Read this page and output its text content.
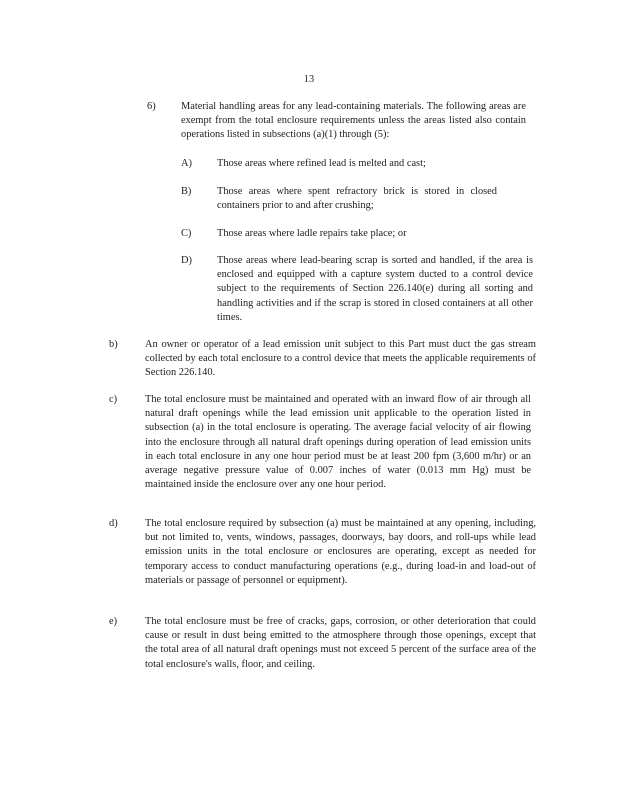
13
6) Material handling areas for any lead-containing materials. The following areas are exempt from the total enclosure requirements unless the areas listed also contain operations listed in subsections (a)(1) through (5):
A) Those areas where refined lead is melted and cast;
B) Those areas where spent refractory brick is stored in closed containers prior to and after crushing;
C) Those areas where ladle repairs take place; or
D) Those areas where lead-bearing scrap is sorted and handled, if the area is enclosed and equipped with a capture system ducted to a control device subject to the requirements of Section 226.140(e) during all sorting and handling activities and if the scrap is stored in closed containers at all other times.
b)	An owner or operator of a lead emission unit subject to this Part must duct the gas stream collected by each total enclosure to a control device that meets the applicable requirements of Section 226.140.
c)	The total enclosure must be maintained and operated with an inward flow of air through all natural draft openings while the lead emission unit applicable to the operation listed in subsection (a) in the total enclosure is operating. The average facial velocity of air flowing into the enclosure through all natural draft openings during operation of lead emission units in each total enclosure in any one hour period must be at least 200 fpm (3,600 m/hr) or an average negative pressure value of 0.007 inches of water (0.013 mm Hg) must be maintained inside the enclosure over any one hour period.
d)	The total enclosure required by subsection (a) must be maintained at any opening, including, but not limited to, vents, windows, passages, doorways, bay doors, and roll-ups while lead emission units in the total enclosure or enclosures are operating, except as needed for temporary access to conduct manufacturing operations (e.g., during load-in and load-out of materials or passage of personnel or equipment).
e)	The total enclosure must be free of cracks, gaps, corrosion, or other deterioration that could cause or result in dust being emitted to the atmosphere through those openings, except that the total area of all natural draft openings must not exceed 5 percent of the surface area of the total enclosure's walls, floor, and ceiling.
